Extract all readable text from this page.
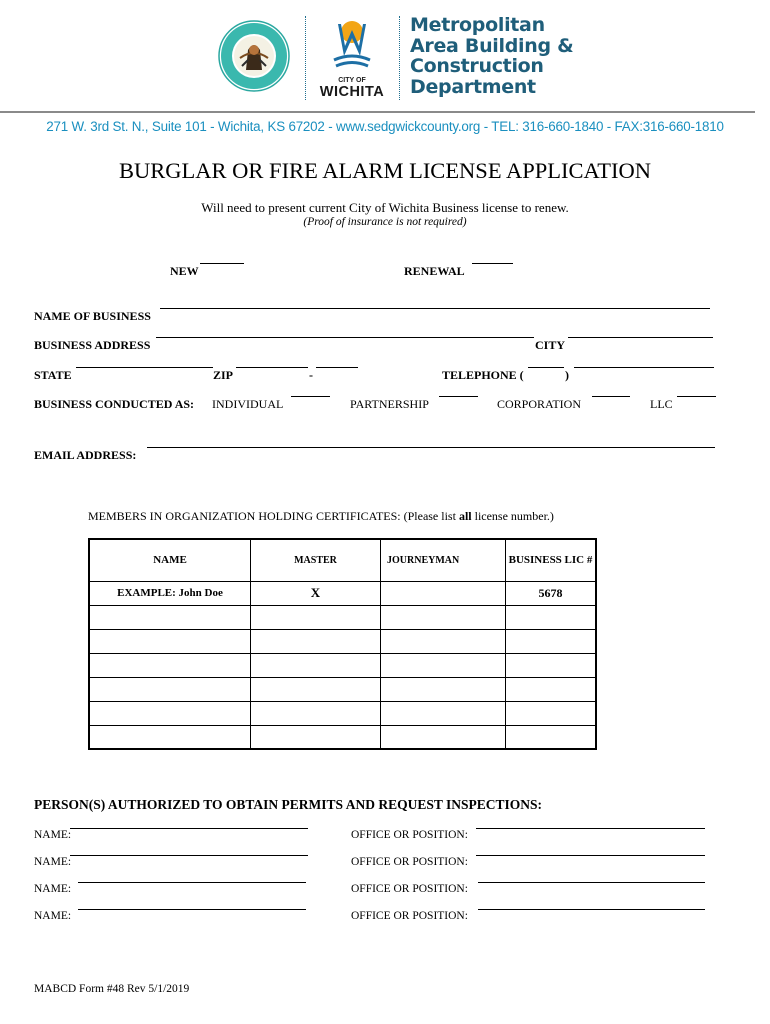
CITY OF
WICHITA
Metropolitan
Area Building &
Construction
Department
271 W. 3rd St. N., Suite 101 - Wichita, KS 67202 - www.sedgwickcounty.org - TEL: 316-660-1840 - FAX:316-660-1810
BURGLAR OR FIRE ALARM LICENSE APPLICATION
Will need to present current City of Wichita Business license to renew.
(Proof of insurance is not required)
NEW	RENEWAL
NAME OF BUSINESS
BUSINESS ADDRESS	CITY
STATE	ZIP	-	TELEPHONE (	)
BUSINESS CONDUCTED AS: INDIVIDUAL	PARTNERSHIP	CORPORATION	LLC
EMAIL ADDRESS:
MEMBERS IN ORGANIZATION HOLDING CERTIFICATES: (Please list all license number.)
NAME	MASTER	JOURNEYMAN	BUSINESS LIC #
EXAMPLE: John Doe	X		5678

PERSON(S) AUTHORIZED TO OBTAIN PERMITS AND REQUEST INSPECTIONS:
NAME:	OFFICE OR POSITION:
NAME:	OFFICE OR POSITION:
NAME:	OFFICE OR POSITION:
NAME:	OFFICE OR POSITION:
MABCD Form #48 Rev 5/1/2019
